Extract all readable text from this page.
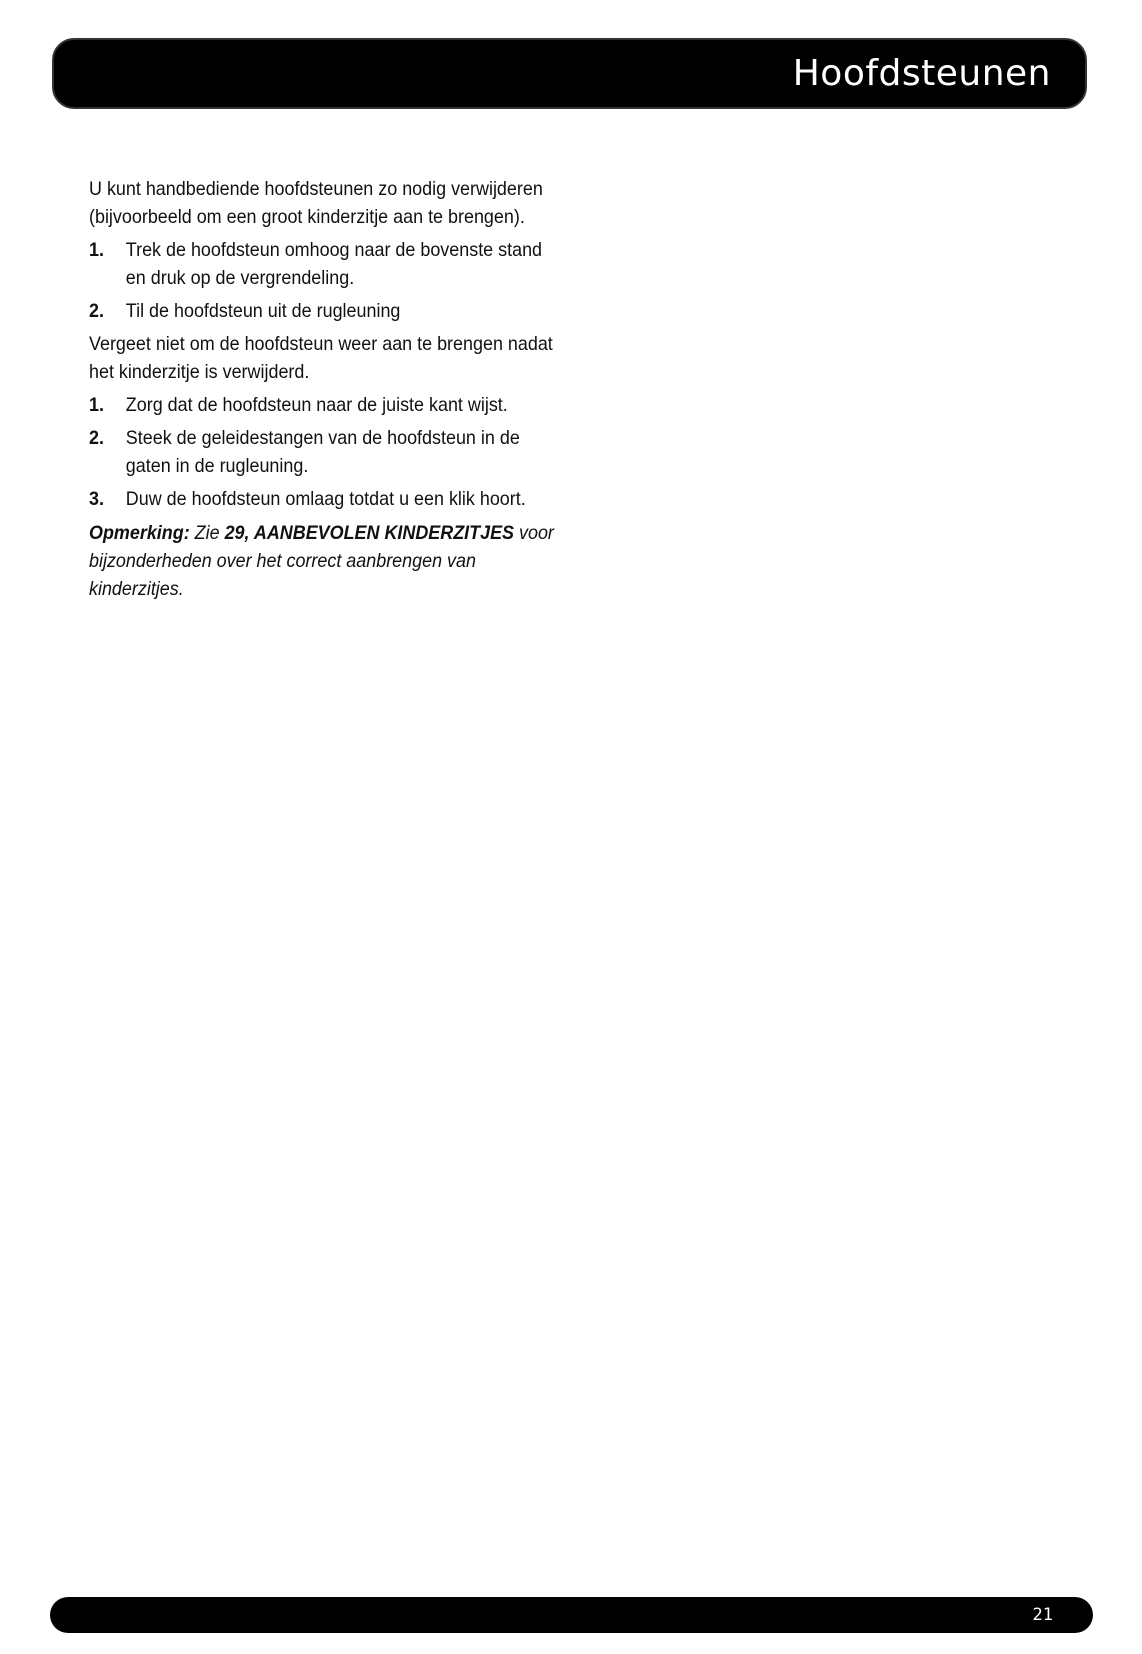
Hoofdsteunen

U kunt handbediende hoofdsteunen zo nodig verwijderen (bijvoorbeeld om een groot kinderzitje aan te brengen).

1.	Trek de hoofdsteun omhoog naar de bovenste stand en druk op de vergrendeling.
2.	Til de hoofdsteun uit de rugleuning

Vergeet niet om de hoofdsteun weer aan te brengen nadat het kinderzitje is verwijderd.

1.	Zorg dat de hoofdsteun naar de juiste kant wijst.
2.	Steek de geleidestangen van de hoofdsteun in de gaten in de rugleuning.
3.	Duw de hoofdsteun omlaag totdat u een klik hoort.

Opmerking: Zie 29, AANBEVOLEN KINDERZITJES voor bijzonderheden over het correct aanbrengen van kinderzitjes.

21
